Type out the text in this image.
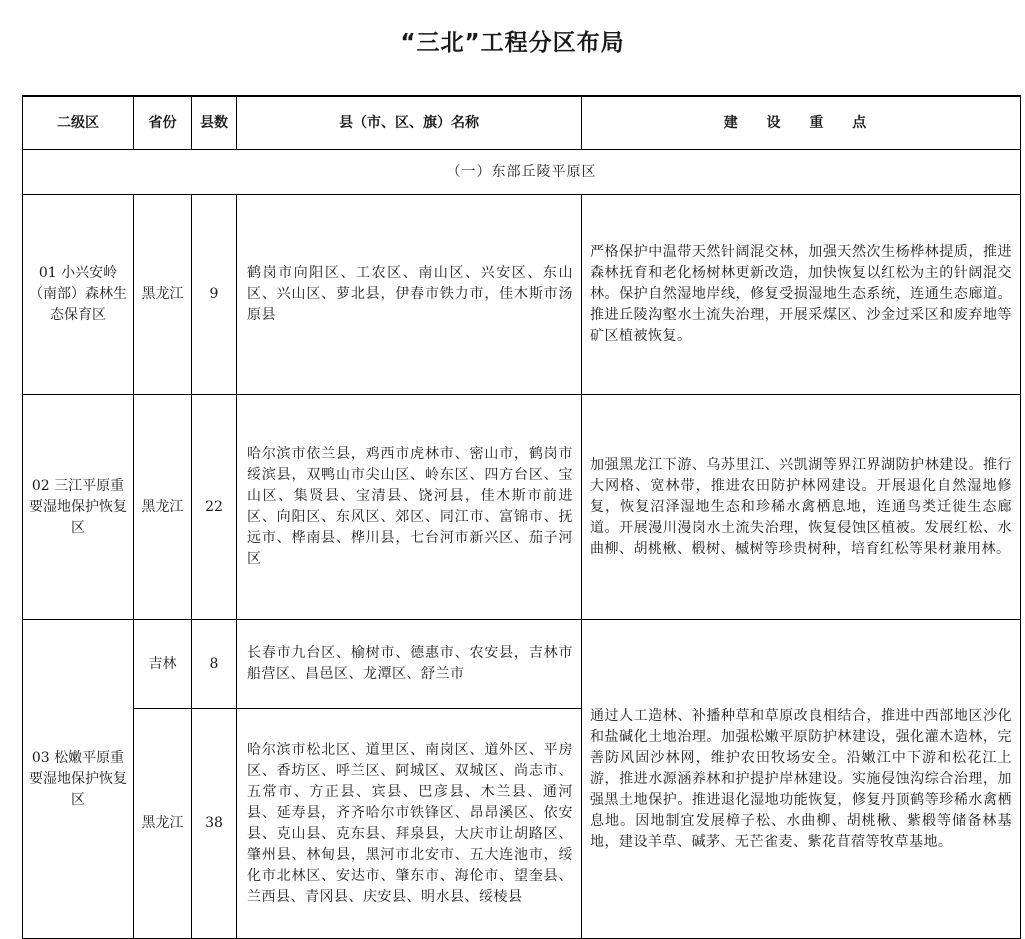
“三北”工程分区布局
二级区	省份	县数	县（市、区、旗）名称	建 设 重 点
（一）东部丘陵平原区				
01 小兴安岭（南部）森林生态保育区	黑龙江	9	鹤岗市向阳区、工农区、南山区、兴安区、东山区、兴山区、萝北县，伊春市铁力市，佳木斯市汤原县	严格保护中温带天然针阔混交林，加强天然次生杨桦林提质，推进森林抚育和老化杨树林更新改造，加快恢复以红松为主的针阔混交林。保护自然湿地岸线，修复受损湿地生态系统，连通生态廊道。推进丘陵沟壑水土流失治理，开展采煤区、沙金过采区和废弃地等矿区植被恢复。
02 三江平原重要湿地保护恢复区	黑龙江	22	哈尔滨市依兰县，鸡西市虎林市、密山市，鹤岗市绥滨县，双鸭山市尖山区、岭东区、四方台区、宝山区、集贤县、宝清县、饶河县，佳木斯市前进区、向阳区、东风区、郊区、同江市、富锦市、抚远市、桦南县、桦川县，七台河市新兴区、茄子河区	加强黑龙江下游、乌苏里江、兴凯湖等界江界湖防护林建设。推行大网格、宽林带，推进农田防护林网建设。开展退化自然湿地修复，恢复沼泽湿地生态和珍稀水禽栖息地，连通鸟类迁徙生态廊道。开展漫川漫岗水土流失治理，恢复侵蚀区植被。发展红松、水曲柳、胡桃楸、椴树、槭树等珍贵树种，培育红松等果材兼用林。
03 松嫩平原重要湿地保护恢复区	吉林	8	长春市九台区、榆树市、德惠市、农安县，吉林市船营区、昌邑区、龙潭区、舒兰市	通过人工造林、补播种草和草原改良相结合，推进中西部地区沙化和盐碱化土地治理。加强松嫩平原防护林建设，强化灌木造林，完善防风固沙林网，维护农田牧场安全。沿嫩江中下游和松花江上游，推进水源涵养林和护提护岸林建设。实施侵蚀沟综合治理，加强黑土地保护。推进退化湿地功能恢复，修复丹顶鹤等珍稀水禽栖息地。因地制宜发展樟子松、水曲柳、胡桃楸、紫椴等储备林基地，建设羊草、碱茅、无芒雀麦、紫花苜蓿等牧草基地。
	黑龙江	38	哈尔滨市松北区、道里区、南岗区、道外区、平房区、香坊区、呼兰区、阿城区、双城区、尚志市、五常市、方正县、宾县、巴彦县、木兰县、通河县、延寿县，齐齐哈尔市铁锋区、昂昂溪区、依安县、克山县、克东县、拜泉县，大庆市让胡路区、肇州县、林甸县，黑河市北安市、五大连池市，绥化市北林区、安达市、肇东市、海伦市、望奎县、兰西县、青冈县、庆安县、明水县、绥棱县	
